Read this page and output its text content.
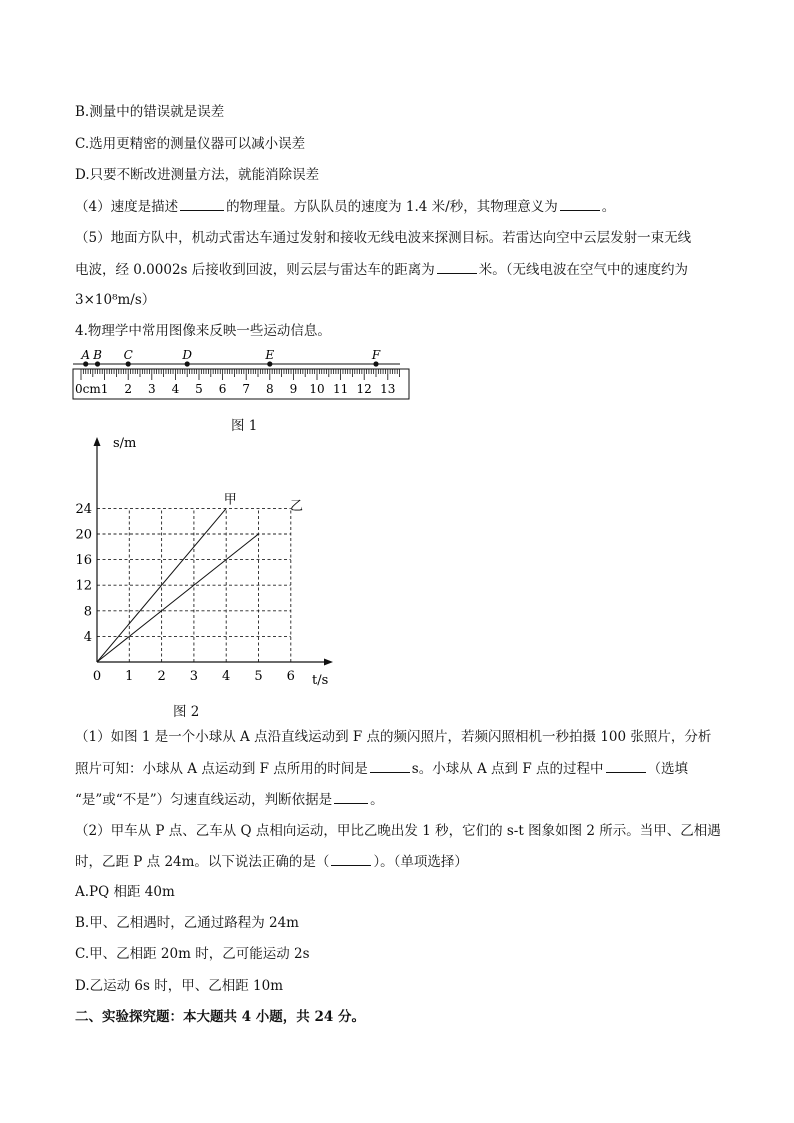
B.测量中的错误就是误差
C.选用更精密的测量仪器可以减小误差
D.只要不断改进测量方法，就能消除误差
（4）速度是描述	的物理量。方队队员的速度为 1.4 米/秒，其物理意义为	。
（5）地面方队中，机动式雷达车通过发射和接收无线电波来探测目标。若雷达向空中云层发射一束无线
电波，经 0.0002s 后接收到回波，则云层与雷达车的距离为	米。（无线电波在空气中的速度约为
3×10⁸m/s）
4.物理学中常用图像来反映一些运动信息。
0cm 1 2 3 4 5 6 7 8 9 10 11 12 13
A B C	D	E	F
图 1
s/m
t/s
0 1 2 3 4 5 6
4
8
12
16
20
24
甲	乙
图 2
（1）如图 1 是一个小球从 A 点沿直线运动到 F 点的频闪照片，若频闪照相机一秒拍摄 100 张照片，分析
照片可知：小球从 A 点运动到 F 点所用的时间是	s。小球从 A 点到 F 点的过程中	（选填
“是”或“不是”）匀速直线运动，判断依据是	。
（2）甲车从 P 点、乙车从 Q 点相向运动，甲比乙晚出发 1 秒，它们的 s-t 图象如图 2 所示。当甲、乙相遇
时，乙距 P 点 24m。以下说法正确的是（	）。（单项选择）
A.PQ 相距 40m
B.甲、乙相遇时，乙通过路程为 24m
C.甲、乙相距 20m 时，乙可能运动 2s
D.乙运动 6s 时，甲、乙相距 10m
二、实验探究题：本大题共 4 小题，共 24 分。
